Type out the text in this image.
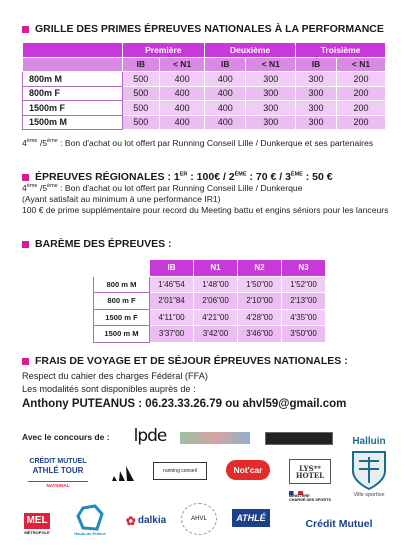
GRILLE DES PRIMES ÉPREUVES NATIONALES À LA PERFORMANCE
	Première		Deuxième		Troisième	
	IB	< N1	IB	< N1	IB	< N1
800m M	500	400	400	300	300	200
800m F	500	400	400	300	300	200
1500m F	500	400	400	300	300	200
1500m M	500	400	400	300	300	200
4ème /5ème : Bon d'achat ou lot offert par Running Conseil Lille / Dunkerque et ses partenaires
ÉPREUVES RÉGIONALES : 1ER : 100€ / 2ÈME : 70 € / 3ÈME : 50 €
4ème /5ème : Bon d'achat ou lot offert par Running Conseil Lille / Dunkerque
(Ayant satisfait au minimum à une performance IR1)
100 € de prime supplémentaire pour record du Meeting battu et engins séniors pour les lanceurs
BARÈME DES ÉPREUVES :
	IB	N1	N2	N3
800 m M	1'46"54	1'48"00	1'50"00	1'52"00
800 m F	2'01"84	2'06"00	2'10"00	2'13"00
1500 m F	4'11"00	4'21"00	4'28"00	4'35"00
1500 m M	3'37'00	3'42'00	3'46"00	3'50"00
FRAIS DE VOYAGE ET DE SÉJOUR ÉPREUVES NATIONALES :
Respect du cahier des charges Fédéral (FFA)
Les modalités sont disponibles auprès de :
Anthony PUTEANUS : 06.23.33.26.79 ou ahvl59@gmail.com
Avec le concours de :	lpde	Halluin
Ville sportive
CRÉDIT MUTUEL
ATHLÉ TOUR
NATIONAL
running conseil	Not'car	LYS**
HOTEL
MINISTÈRE
CHARGÉ DES SPORTS
MEL
MÉTROPOLE	Hauts-de-France
✿ dalkia	AHVL	ATHLÉ
Crédit Mutuel
